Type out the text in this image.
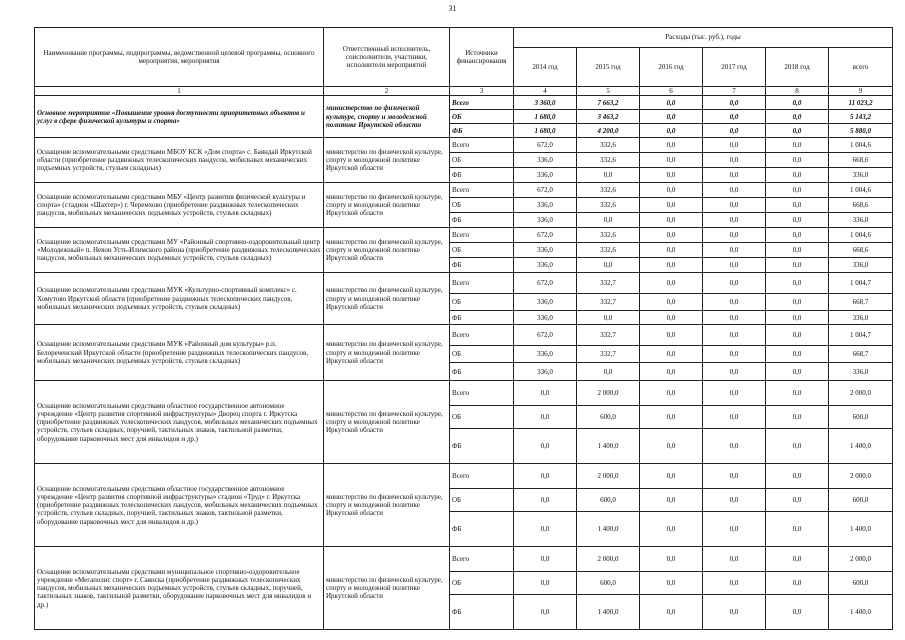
31
Наименование программы, подпрограммы, ведомственной целевой программы, основного мероприятия, мероприятия	Ответственный исполнитель, соисполнители, участники, исполнители мероприятий	Источники финансирования	Расходы (тыс. руб.), годы					
			2014 год	2015 год	2016 год	2017 год	2018 год	всего
1	2	3	4	5	6	7	8	9
Основное мероприятие «Повышение уровня доступности приоритетных объектов и услуг в сфере физической культуры и спорта»	министерство по физической культуре, спорту и молодежной политике Иркутской области	Всего	3 360,0	7 663,2	0,0	0,0	0,0	11 023,2
		ОБ	1 680,0	3 463,2	0,0	0,0	0,0	5 143,2
		ФБ	1 680,0	4 200,0	0,0	0,0	0,0	5 880,0
Оснащение вспомогательными средствами МБОУ КСК «Дом спорта» с. Баяндай Иркутской области (приобретение раздвижных телескопических пандусов, мобильных механических подъемных устройств, стульев складных)	министерство по физической культуре, спорту и молодежной политике Иркутской области	Всего	672,0	332,6	0,0	0,0	0,0	1 004,6
		ОБ	336,0	332,6	0,0	0,0	0,0	668,6
		ФБ	336,0	0,0	0,0	0,0	0,0	336,0
Оснащение вспомогательными средствами МБУ «Центр развития физической культуры и спорта» (стадион «Шахтер») г. Черемхово (приобретение раздвижных телескопических пандусов, мобильных механических подъемных устройств, стульев складных)	министерство по физической культуре, спорту и молодежной политике Иркутской области	Всего	672,0	332,6	0,0	0,0	0,0	1 004,6
		ОБ	336,0	332,6	0,0	0,0	0,0	668,6
		ФБ	336,0	0,0	0,0	0,0	0,0	336,0
Оснащение вспомогательными средствами МУ «Районный спортивно-оздоровительный центр «Молодежный» п. Невон Усть-Илимского района (приобретение раздвижных телескопических пандусов, мобильных механических подъемных устройств, стульев складных)	министерство по физической культуре, спорту и молодежной политике Иркутской области	Всего	672,0	332,6	0,0	0,0	0,0	1 004,6
		ОБ	336,0	332,6	0,0	0,0	0,0	668,6
		ФБ	336,0	0,0	0,0	0,0	0,0	336,0
Оснащение вспомогательными средствами МУК «Культурно-спортивный комплекс» с. Хомутово Иркутской области (приобретение раздвижных телескопических пандусов, мобильных механических подъемных устройств, стульев складных)	министерство по физической культуре, спорту и молодежной политике Иркутской области	Всего	672,0	332,7	0,0	0,0	0,0	1 004,7
		ОБ	336,0	332,7	0,0	0,0	0,0	668,7
		ФБ	336,0	0,0	0,0	0,0	0,0	336,0
Оснащение вспомогательными средствами МУК «Районный дом культуры» р.п. Белореченский Иркутской области (приобретение раздвижных телескопических пандусов, мобильных механических подъемных устройств, стульев складных)	министерство по физической культуре, спорту и молодежной политике Иркутской области	Всего	672,0	332,7	0,0	0,0	0,0	1 004,7
		ОБ	336,0	332,7	0,0	0,0	0,0	668,7
		ФБ	336,0	0,0	0,0	0,0	0,0	336,0
Оснащение вспомогательными средствами областное государственное автономное учреждение «Центр развития спортивной инфраструктуры» Дворец спорта г. Иркутска (приобретение раздвижных телескопических пандусов, мобильных механических подъемных устройств, стульев складных, поручней, тактильных знаков, тактильной разметки, оборудование парковочных мест для инвалидов и др.)	министерство по физической культуре, спорту и молодежной политике Иркутской области	Всего	0,0	2 000,0	0,0	0,0	0,0	2 000,0
		ОБ	0,0	600,0	0,0	0,0	0,0	600,0
		ФБ	0,0	1 400,0	0,0	0,0	0,0	1 400,0
Оснащение вспомогательными средствами областное государственное автономное учреждение «Центр развития спортивной инфраструктуры» стадион «Труд» г. Иркутска (приобретение раздвижных телескопических пандусов, мобильных механических подъемных устройств, стульев складных, поручней, тактильных знаков, тактильной разметки, оборудование парковочных мест для инвалидов и др.)	министерство по физической культуре, спорту и молодежной политике Иркутской области	Всего	0,0	2 000,0	0,0	0,0	0,0	2 000,0
		ОБ	0,0	600,0	0,0	0,0	0,0	600,0
		ФБ	0,0	1 400,0	0,0	0,0	0,0	1 400,0
Оснащение вспомогательными средствами муниципальное спортивно-оздоровительное учреждение «Мегаполис спорт» г. Саянска (приобретение раздвижных телескопических пандусов, мобильных механических подъемных устройств, стульев складных, поручней, тактильных знаков, тактильной разметки, оборудование парковочных мест для инвалидов и др.)	министерство по физической культуре, спорту и молодежной политике Иркутской области	Всего	0,0	2 000,0	0,0	0,0	0,0	2 000,0
		ОБ	0,0	600,0	0,0	0,0	0,0	600,0
		ФБ	0,0	1 400,0	0,0	0,0	0,0	1 400,0
